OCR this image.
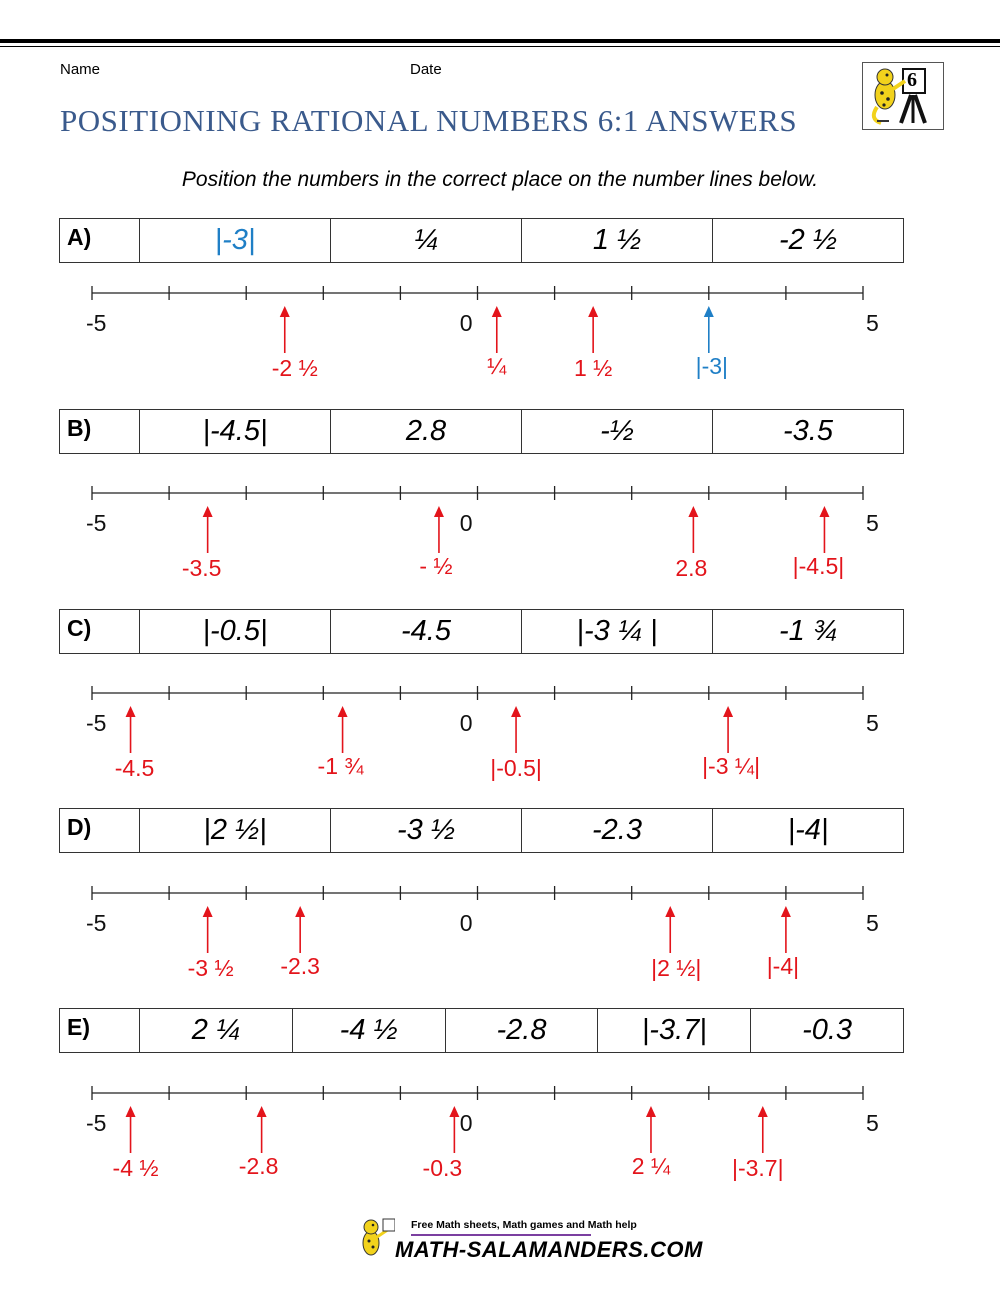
Name	Date
POSITIONING RATIONAL NUMBERS 6:1 ANSWERS
6
Position the numbers in the correct place on the number lines below.
A)	|-3|	¼	1 ½	-2 ½
-5	0	5
-2 ½	¼	1 ½	|-3|
B)	|-4.5|	2.8	-½	-3.5
-5	0	5
-3.5	- ½	2.8	|-4.5|
C)	|-0.5|	-4.5	|-3 ¼ |	-1 ¾
-5	0	5
-4.5	-1 ¾	|-0.5|	|-3 ¼|
D)	|2 ½|	-3 ½	-2.3	|-4|
-5	0	5
-3 ½ -2.3	|2 ½|	|-4|
E)	2 ¼	-4 ½	-2.8	|-3.7|	-0.3
-5	0	5
-4 ½	-2.8	-0.3	2 ¼	|-3.7|
Free Math sheets, Math games and Math help
MATH-SALAMANDERS.COM
